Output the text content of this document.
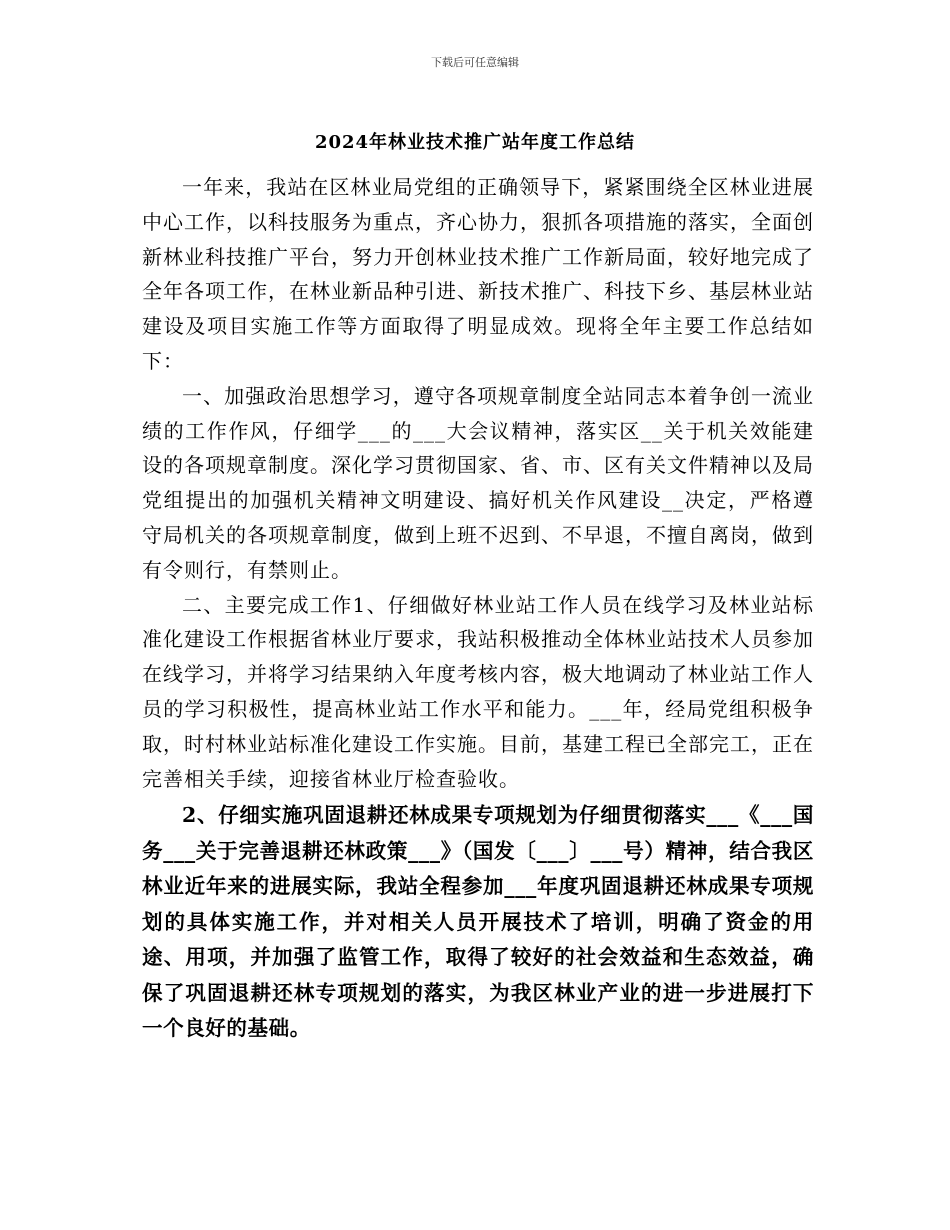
下载后可任意编辑
2024年林业技术推广站年度工作总结

一年来，我站在区林业局党组的正确领导下，紧紧围绕全区林业进展中心工作，以科技服务为重点，齐心协力，狠抓各项措施的落实，全面创新林业科技推广平台，努力开创林业技术推广工作新局面，较好地完成了全年各项工作，在林业新品种引进、新技术推广、科技下乡、基层林业站建设及项目实施工作等方面取得了明显成效。现将全年主要工作总结如下：

一、加强政治思想学习，遵守各项规章制度全站同志本着争创一流业绩的工作作风，仔细学___的___大会议精神，落实区__关于机关效能建设的各项规章制度。深化学习贯彻国家、省、市、区有关文件精神以及局党组提出的加强机关精神文明建设、搞好机关作风建设__决定，严格遵守局机关的各项规章制度，做到上班不迟到、不早退，不擅自离岗，做到有令则行，有禁则止。

二、主要完成工作1、仔细做好林业站工作人员在线学习及林业站标准化建设工作根据省林业厅要求，我站积极推动全体林业站技术人员参加在线学习，并将学习结果纳入年度考核内容，极大地调动了林业站工作人员的学习积极性，提高林业站工作水平和能力。___年，经局党组积极争取，时村林业站标准化建设工作实施。目前，基建工程已全部完工，正在完善相关手续，迎接省林业厅检查验收。

2、仔细实施巩固退耕还林成果专项规划为仔细贯彻落实___《___国务___关于完善退耕还林政策___》（国发〔___〕___号）精神，结合我区林业近年来的进展实际，我站全程参加___年度巩固退耕还林成果专项规划的具体实施工作，并对相关人员开展技术了培训，明确了资金的用途、用项，并加强了监管工作，取得了较好的社会效益和生态效益，确保了巩固退耕还林专项规划的落实，为我区林业产业的进一步进展打下一个良好的基础。
